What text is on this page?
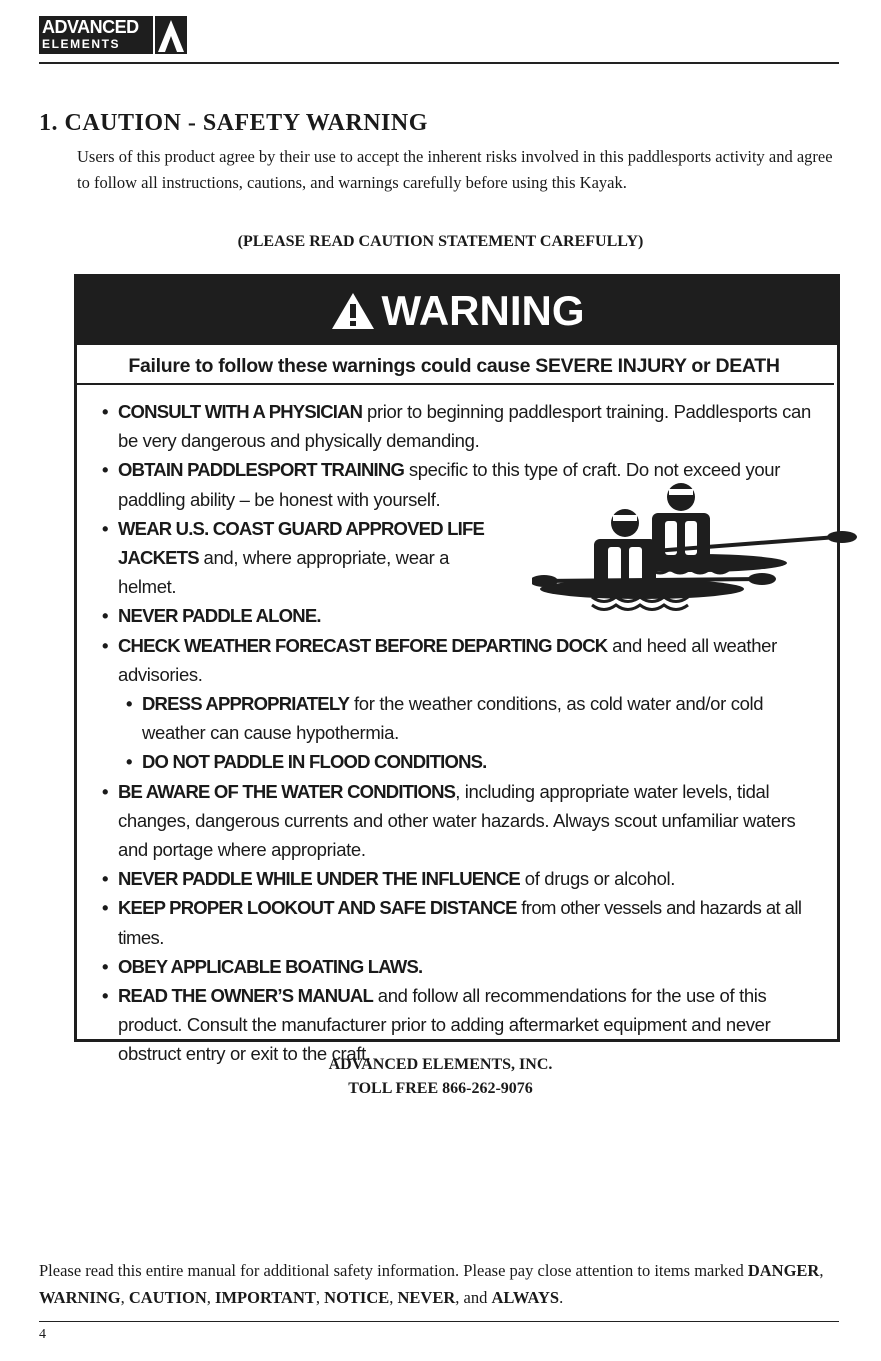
ADVANCED
ELEMENTS
1. CAUTION - SAFETY WARNING

Users of this product agree by their use to accept the inherent risks involved in this paddlesports activity and agree to follow all instructions, cautions, and warnings carefully before using this Kayak.

(PLEASE READ CAUTION STATEMENT CAREFULLY)
WARNING
Failure to follow these warnings could cause SEVERE INJURY or DEATH
• CONSULT WITH A PHYSICIAN prior to beginning paddlesport training. Paddlesports can be very dangerous and physically demanding.
• OBTAIN PADDLESPORT TRAINING specific to this type of craft. Do not exceed your paddling ability – be honest with yourself.
• WEAR U.S. COAST GUARD APPROVED LIFE JACKETS and, where appropriate, wear a helmet.
• NEVER PADDLE ALONE.
• CHECK WEATHER FORECAST BEFORE DEPARTING DOCK and heed all weather advisories.
• DRESS APPROPRIATELY for the weather conditions, as cold water and/or cold weather can cause hypothermia.
• DO NOT PADDLE IN FLOOD CONDITIONS.
• BE AWARE OF THE WATER CONDITIONS, including appropriate water levels, tidal changes, dangerous currents and other water hazards. Always scout unfamiliar waters and portage where appropriate.
• NEVER PADDLE WHILE UNDER THE INFLUENCE of drugs or alcohol.
• KEEP PROPER LOOKOUT AND SAFE DISTANCE from other vessels and hazards at all times.
• OBEY APPLICABLE BOATING LAWS.
• READ THE OWNER’S MANUAL and follow all recommendations for the use of this product. Consult the manufacturer prior to adding aftermarket equipment and never obstruct entry or exit to the craft.
ADVANCED ELEMENTS, INC.
TOLL FREE 866-262-9076
Please read this entire manual for additional safety information. Please pay close attention to items marked DANGER, WARNING, CAUTION, IMPORTANT, NOTICE, NEVER, and ALWAYS.
4
